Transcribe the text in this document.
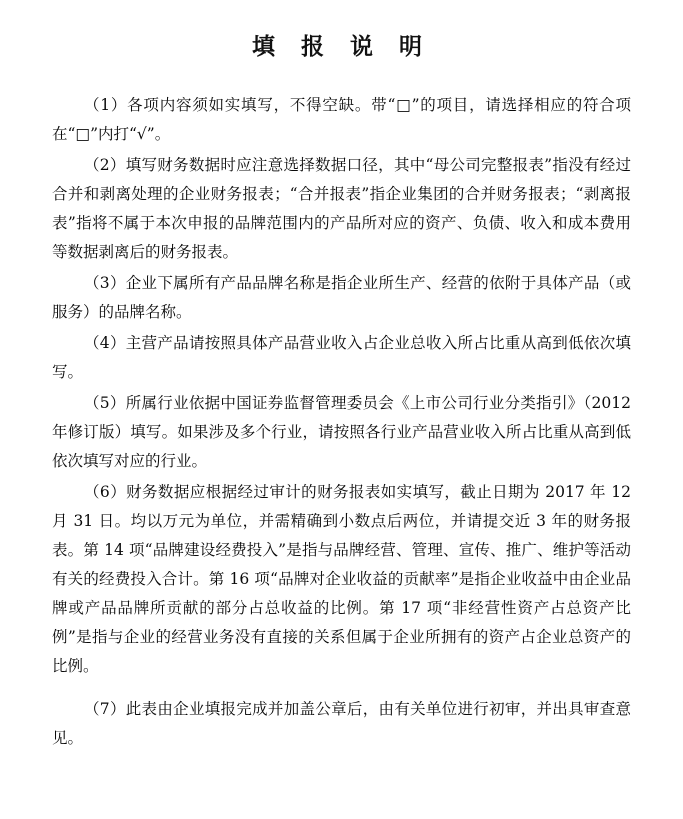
填 报 说 明

（1）各项内容须如实填写，不得空缺。带“□”的项目，请选择相应的符合项在“□”内打“√”。

（2）填写财务数据时应注意选择数据口径，其中“母公司完整报表”指没有经过合并和剥离处理的企业财务报表；“合并报表”指企业集团的合并财务报表；“剥离报表”指将不属于本次申报的品牌范围内的产品所对应的资产、负债、收入和成本费用等数据剥离后的财务报表。

（3）企业下属所有产品品牌名称是指企业所生产、经营的依附于具体产品（或服务）的品牌名称。

（4）主营产品请按照具体产品营业收入占企业总收入所占比重从高到低依次填写。

（5）所属行业依据中国证券监督管理委员会《上市公司行业分类指引》（2012 年修订版）填写。如果涉及多个行业，请按照各行业产品营业收入所占比重从高到低依次填写对应的行业。

（6）财务数据应根据经过审计的财务报表如实填写，截止日期为 2017 年 12 月 31 日。均以万元为单位，并需精确到小数点后两位，并请提交近 3 年的财务报表。第 14 项“品牌建设经费投入”是指与品牌经营、管理、宣传、推广、维护等活动有关的经费投入合计。第 16 项“品牌对企业收益的贡献率”是指企业收益中由企业品牌或产品品牌所贡献的部分占总收益的比例。第 17 项“非经营性资产占总资产比例”是指与企业的经营业务没有直接的关系但属于企业所拥有的资产占企业总资产的比例。

（7）此表由企业填报完成并加盖公章后，由有关单位进行初审，并出具审查意见。
